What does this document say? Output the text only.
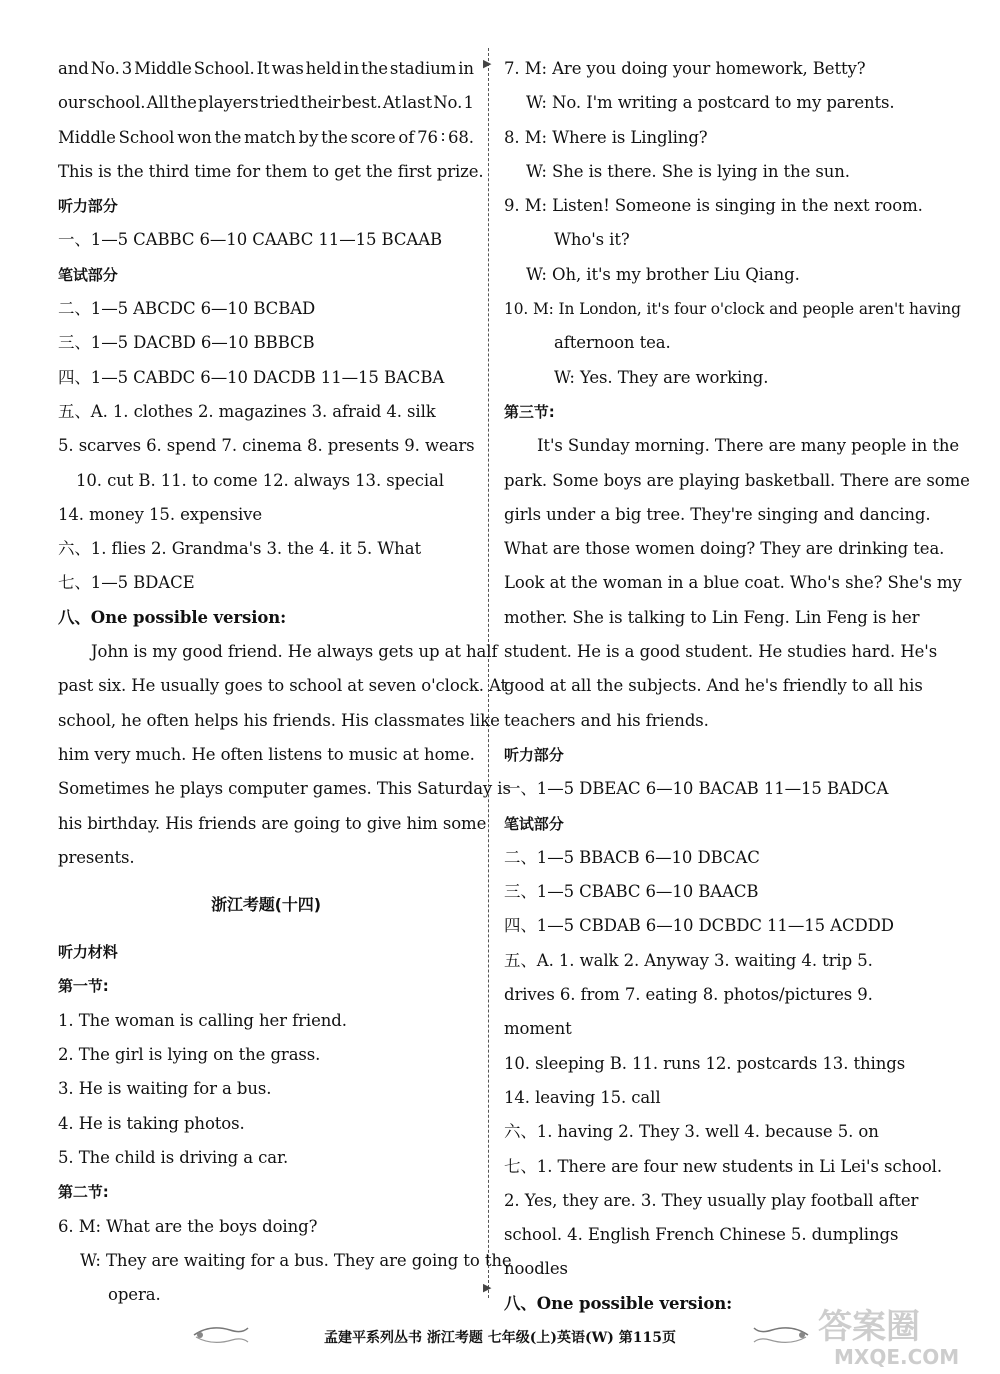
▶
▶
and No. 3 Middle School. It was held in the stadium in
our school. All the players tried their best. At last No. 1
Middle School won the match by the score of 76 ∶ 68.
This is the third time for them to get the first prize.
听力部分
一、1—5 CABBC 6—10 CAABC 11—15 BCAAB
笔试部分
二、1—5 ABCDC 6—10 BCBAD
三、1—5 DACBD 6—10 BBBCB
四、1—5 CABDC 6—10 DACDB 11—15 BACBA
五、A. 1. clothes 2. magazines 3. afraid 4. silk
5. scarves 6. spend 7. cinema 8. presents 9. wears
10. cut B. 11. to come 12. always 13. special
14. money 15. expensive
六、1. flies 2. Grandma's 3. the 4. it 5. What
七、1—5 BDACE
八、One possible version:
John is my good friend. He always gets up at half
past six. He usually goes to school at seven o'clock. At
school, he often helps his friends. His classmates like
him very much. He often listens to music at home.
Sometimes he plays computer games. This Saturday is
his birthday. His friends are going to give him some
presents.
浙江考题(十四)
听力材料
第一节:
1. The woman is calling her friend.
2. The girl is lying on the grass.
3. He is waiting for a bus.
4. He is taking photos.
5. The child is driving a car.
第二节:
6. M: What are the boys doing?
W: They are waiting for a bus. They are going to the
opera.
7. M: Are you doing your homework, Betty?
W: No. I'm writing a postcard to my parents.
8. M: Where is Lingling?
W: She is there. She is lying in the sun.
9. M: Listen! Someone is singing in the next room.
Who's it?
W: Oh, it's my brother Liu Qiang.
10. M: In London, it's four o'clock and people aren't having
afternoon tea.
W: Yes. They are working.
第三节:
It's Sunday morning. There are many people in the
park. Some boys are playing basketball. There are some
girls under a big tree. They're singing and dancing.
What are those women doing? They are drinking tea.
Look at the woman in a blue coat. Who's she? She's my
mother. She is talking to Lin Feng. Lin Feng is her
student. He is a good student. He studies hard. He's
good at all the subjects. And he's friendly to all his
teachers and his friends.
听力部分
一、1—5 DBEAC 6—10 BACAB 11—15 BADCA
笔试部分
二、1—5 BBACB 6—10 DBCAC
三、1—5 CBABC 6—10 BAACB
四、1—5 CBDAB 6—10 DCBDC 11—15 ACDDD
五、A. 1. walk 2. Anyway 3. waiting 4. trip 5.
drives 6. from 7. eating 8. photos/pictures 9.
moment
10. sleeping B. 11. runs 12. postcards 13. things
14. leaving 15. call
六、1. having 2. They 3. well 4. because 5. on
七、1. There are four new students in Li Lei's school.
2. Yes, they are. 3. They usually play football after
school. 4. English French Chinese 5. dumplings
noodles
八、One possible version:
孟建平系列丛书 浙江考题 七年级(上)英语(W) 第115页	答案圈
MXQE.COM
